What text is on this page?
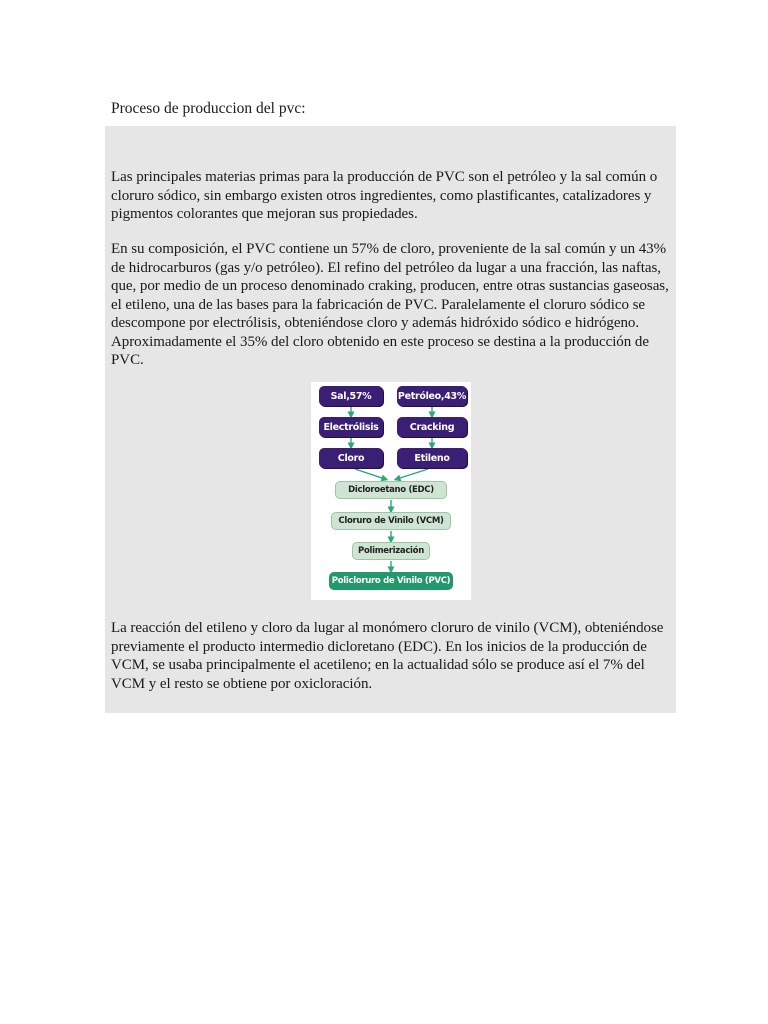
Proceso de produccion del pvc:

Las principales materias primas para la producción de PVC son el petróleo y la sal común o cloruro sódico, sin embargo existen otros ingredientes, como plastificantes, catalizadores y pigmentos colorantes que mejoran sus propiedades.

En su composición, el PVC contiene un 57% de cloro, proveniente de la sal común y un 43% de hidrocarburos (gas y/o petróleo). El refino del petróleo da lugar a una fracción, las naftas, que, por medio de un proceso denominado craking, producen, entre otras sustancias gaseosas, el etileno, una de las bases para la fabricación de PVC. Paralelamente el cloruro sódico se descompone por electrólisis, obteniéndose cloro y además hidróxido sódico e hidrógeno. Aproximadamente el 35% del cloro obtenido en este proceso se destina a la producción de PVC.

Sal,57%	Petróleo,43%
Electrólisis	Cracking
Cloro	Etileno
Dicloroetano (EDC)
Cloruro de Vinilo (VCM)
Polimerización
Policloruro de Vinilo (PVC)

La reacción del etileno y cloro da lugar al monómero cloruro de vinilo (VCM), obteniéndose previamente el producto intermedio dicloretano (EDC). En los inicios de la producción de VCM, se usaba principalmente el acetileno; en la actualidad sólo se produce así el 7% del VCM y el resto se obtiene por oxicloración.
